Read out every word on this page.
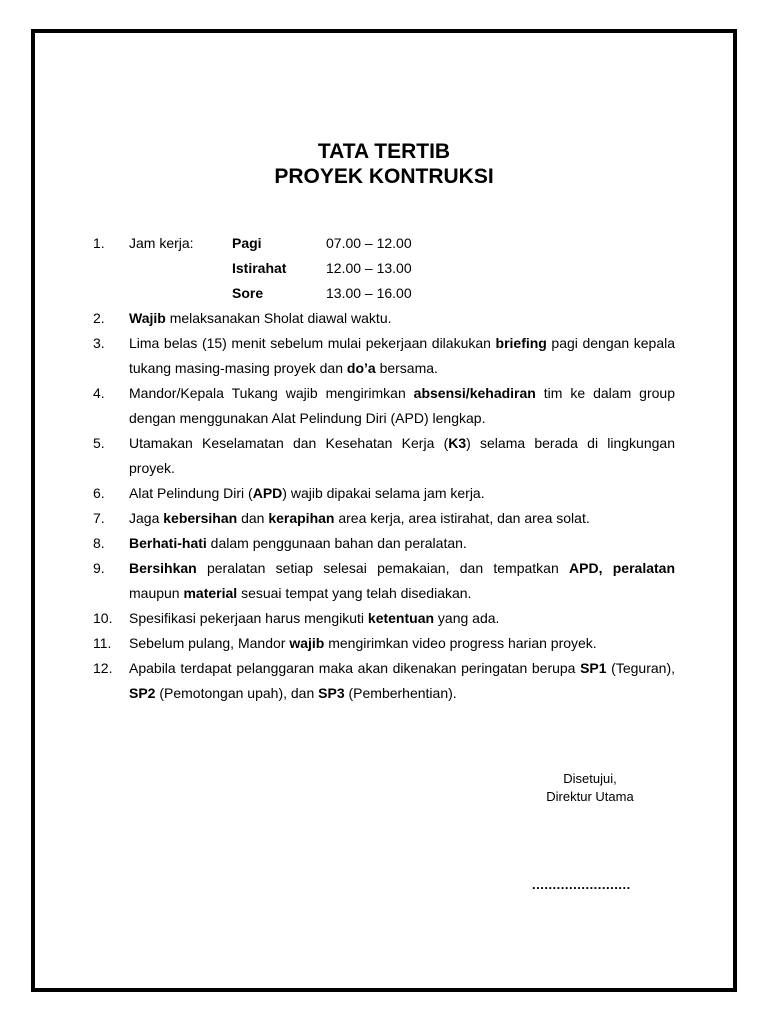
TATA TERTIB
PROYEK KONTRUKSI
1.	Jam kerja:	Pagi	07.00 – 12.00
Istirahat	12.00 – 13.00
Sore	13.00 – 16.00
2.	Wajib melaksanakan Sholat diawal waktu.
3.	Lima belas (15) menit sebelum mulai pekerjaan dilakukan briefing pagi dengan kepala tukang masing-masing proyek dan do’a bersama.
4.	Mandor/Kepala Tukang wajib mengirimkan absensi/kehadiran tim ke dalam group dengan menggunakan Alat Pelindung Diri (APD) lengkap.
5.	Utamakan Keselamatan dan Kesehatan Kerja (K3) selama berada di lingkungan proyek.
6.	Alat Pelindung Diri (APD) wajib dipakai selama jam kerja.
7.	Jaga kebersihan dan kerapihan area kerja, area istirahat, dan area solat.
8.	Berhati-hati dalam penggunaan bahan dan peralatan.
9.	Bersihkan peralatan setiap selesai pemakaian, dan tempatkan APD, peralatan maupun material sesuai tempat yang telah disediakan.
10.	Spesifikasi pekerjaan harus mengikuti ketentuan yang ada.
11.	Sebelum pulang, Mandor wajib mengirimkan video progress harian proyek.
12.	Apabila terdapat pelanggaran maka akan dikenakan peringatan berupa SP1 (Teguran), SP2 (Pemotongan upah), dan SP3 (Pemberhentian).
Disetujui,
Direktur Utama
........................
